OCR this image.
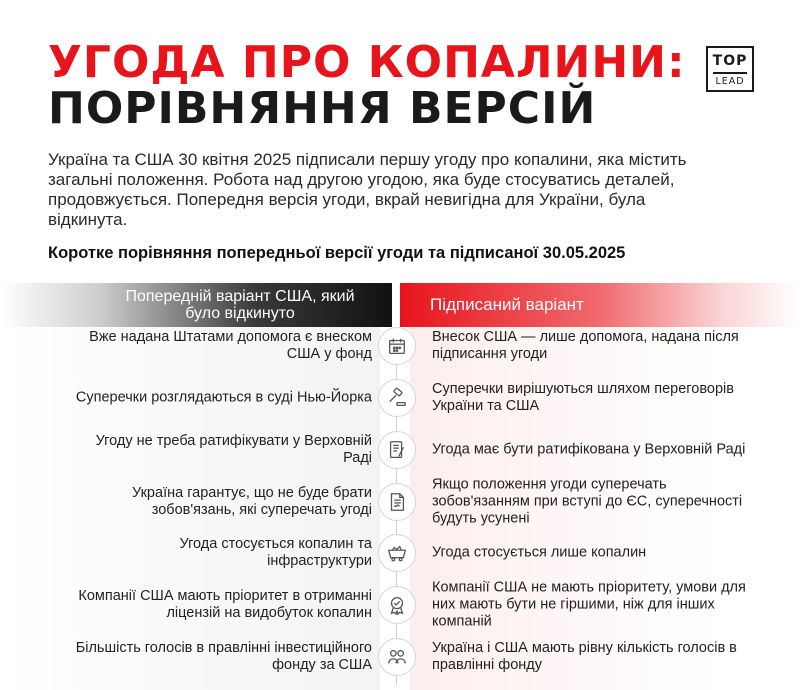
УГОДА ПРО КОПАЛИНИ:
ПОРІВНЯННЯ ВЕРСІЙ
TOP
LEAD
Україна та США 30 квітня 2025 підписали першу угоду про копалини, яка містить загальні положення. Робота над другою угодою, яка буде стосуватись деталей, продовжується. Попередня версія угоди, вкрай невигідна для України, була відкинута.
Коротке порівняння попередньої версії угоди та підписаної 30.05.2025
Попередній варіант США, який було відкинуто	Підписаний варіант
Вже надана Штатами допомога є внеском США у фонд
Внесок США — лише допомога, надана після підписання угоди
Суперечки розглядаються в суді Нью-Йорка
Суперечки вирішуються шляхом переговорів України та США
Угоду не треба ратифікувати у Верховній Раді
Угода має бути ратифікована у Верховній Раді
Україна гарантує, що не буде брати зобов'язань, які суперечать угоді
Якщо положення угоди суперечать зобов'язанням при вступі до ЄС, суперечності будуть усунені
Угода стосується копалин та інфраструктури
Угода стосується лише копалин
Компанії США мають пріоритет в отриманні ліцензій на видобуток копалин
Компанії США не мають пріоритету, умови для них мають бути не гіршими, ніж для інших компаній
Більшість голосів в правлінні інвестиційного фонду за США
Україна і США мають рівну кількість голосів в правлінні фонду
